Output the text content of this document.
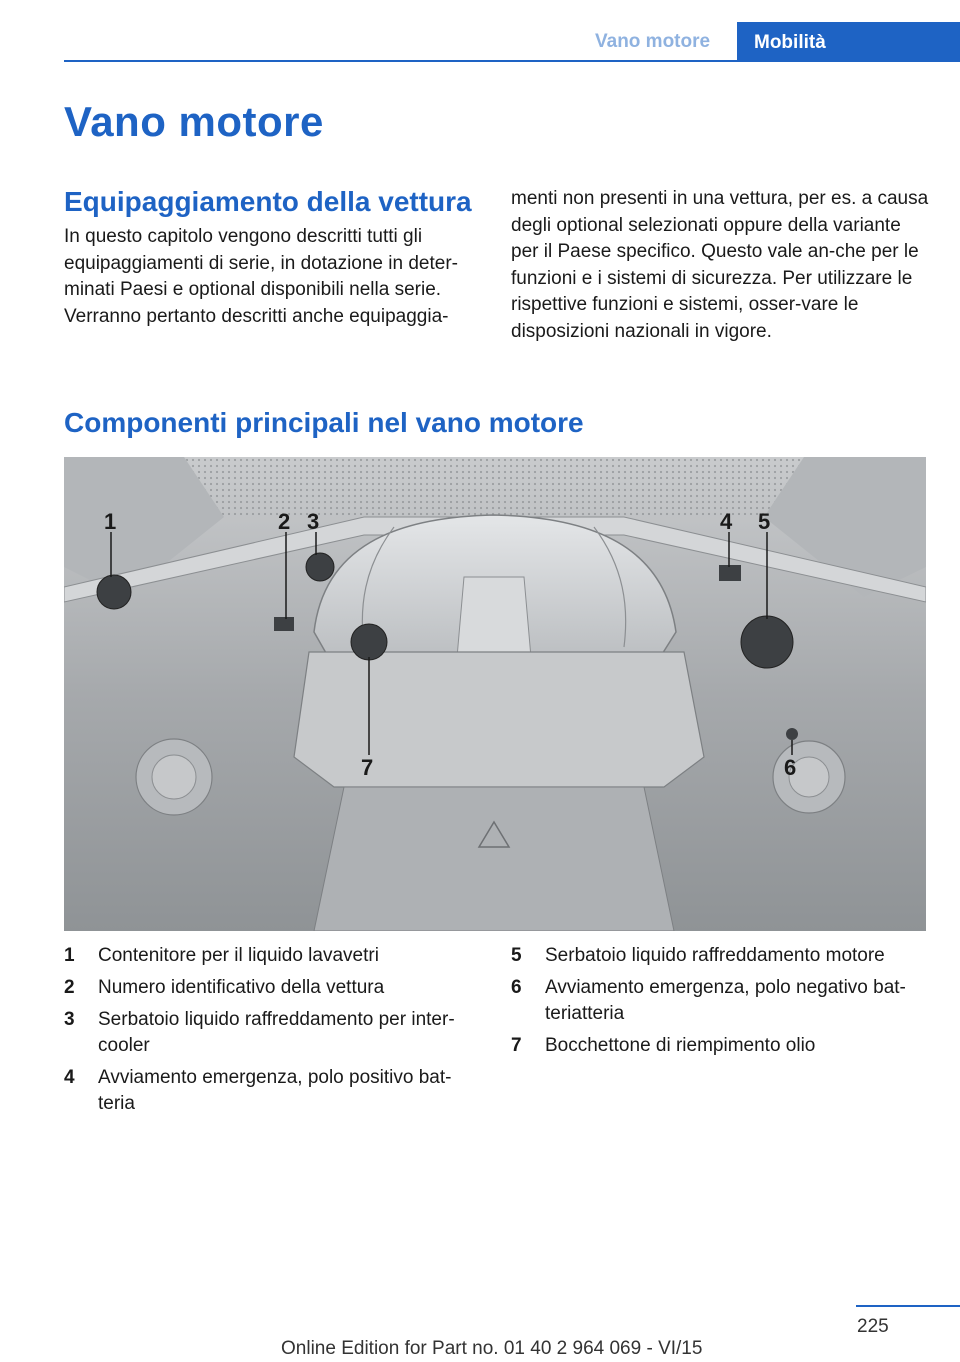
Vano motore	Mobilità
Vano motore
Equipaggiamento della vettura

In questo capitolo vengono descritti tutti gli equipaggiamenti di serie, in dotazione in deter-minati Paesi e optional disponibili nella serie. Verranno pertanto descritti anche equipaggia-

menti non presenti in una vettura, per es. a causa degli optional selezionati oppure della variante per il Paese specifico. Questo vale an-che per le funzioni e i sistemi di sicurezza. Per utilizzare le rispettive funzioni e sistemi, osser-vare le disposizioni nazionali in vigore.

Componenti principali nel vano motore
1	2 3	4 5
6
7
1	Contenitore per il liquido lavavetri
2	Numero identificativo della vettura
3	Serbatoio liquido raffreddamento per inter-cooler
4	Avviamento emergenza, polo positivo bat-teria
5	Serbatoio liquido raffreddamento motore
6	Avviamento emergenza, polo negativo bat-teriatteria
7	Bocchettone di riempimento olio
225
Online Edition for Part no. 01 40 2 964 069 - VI/15
